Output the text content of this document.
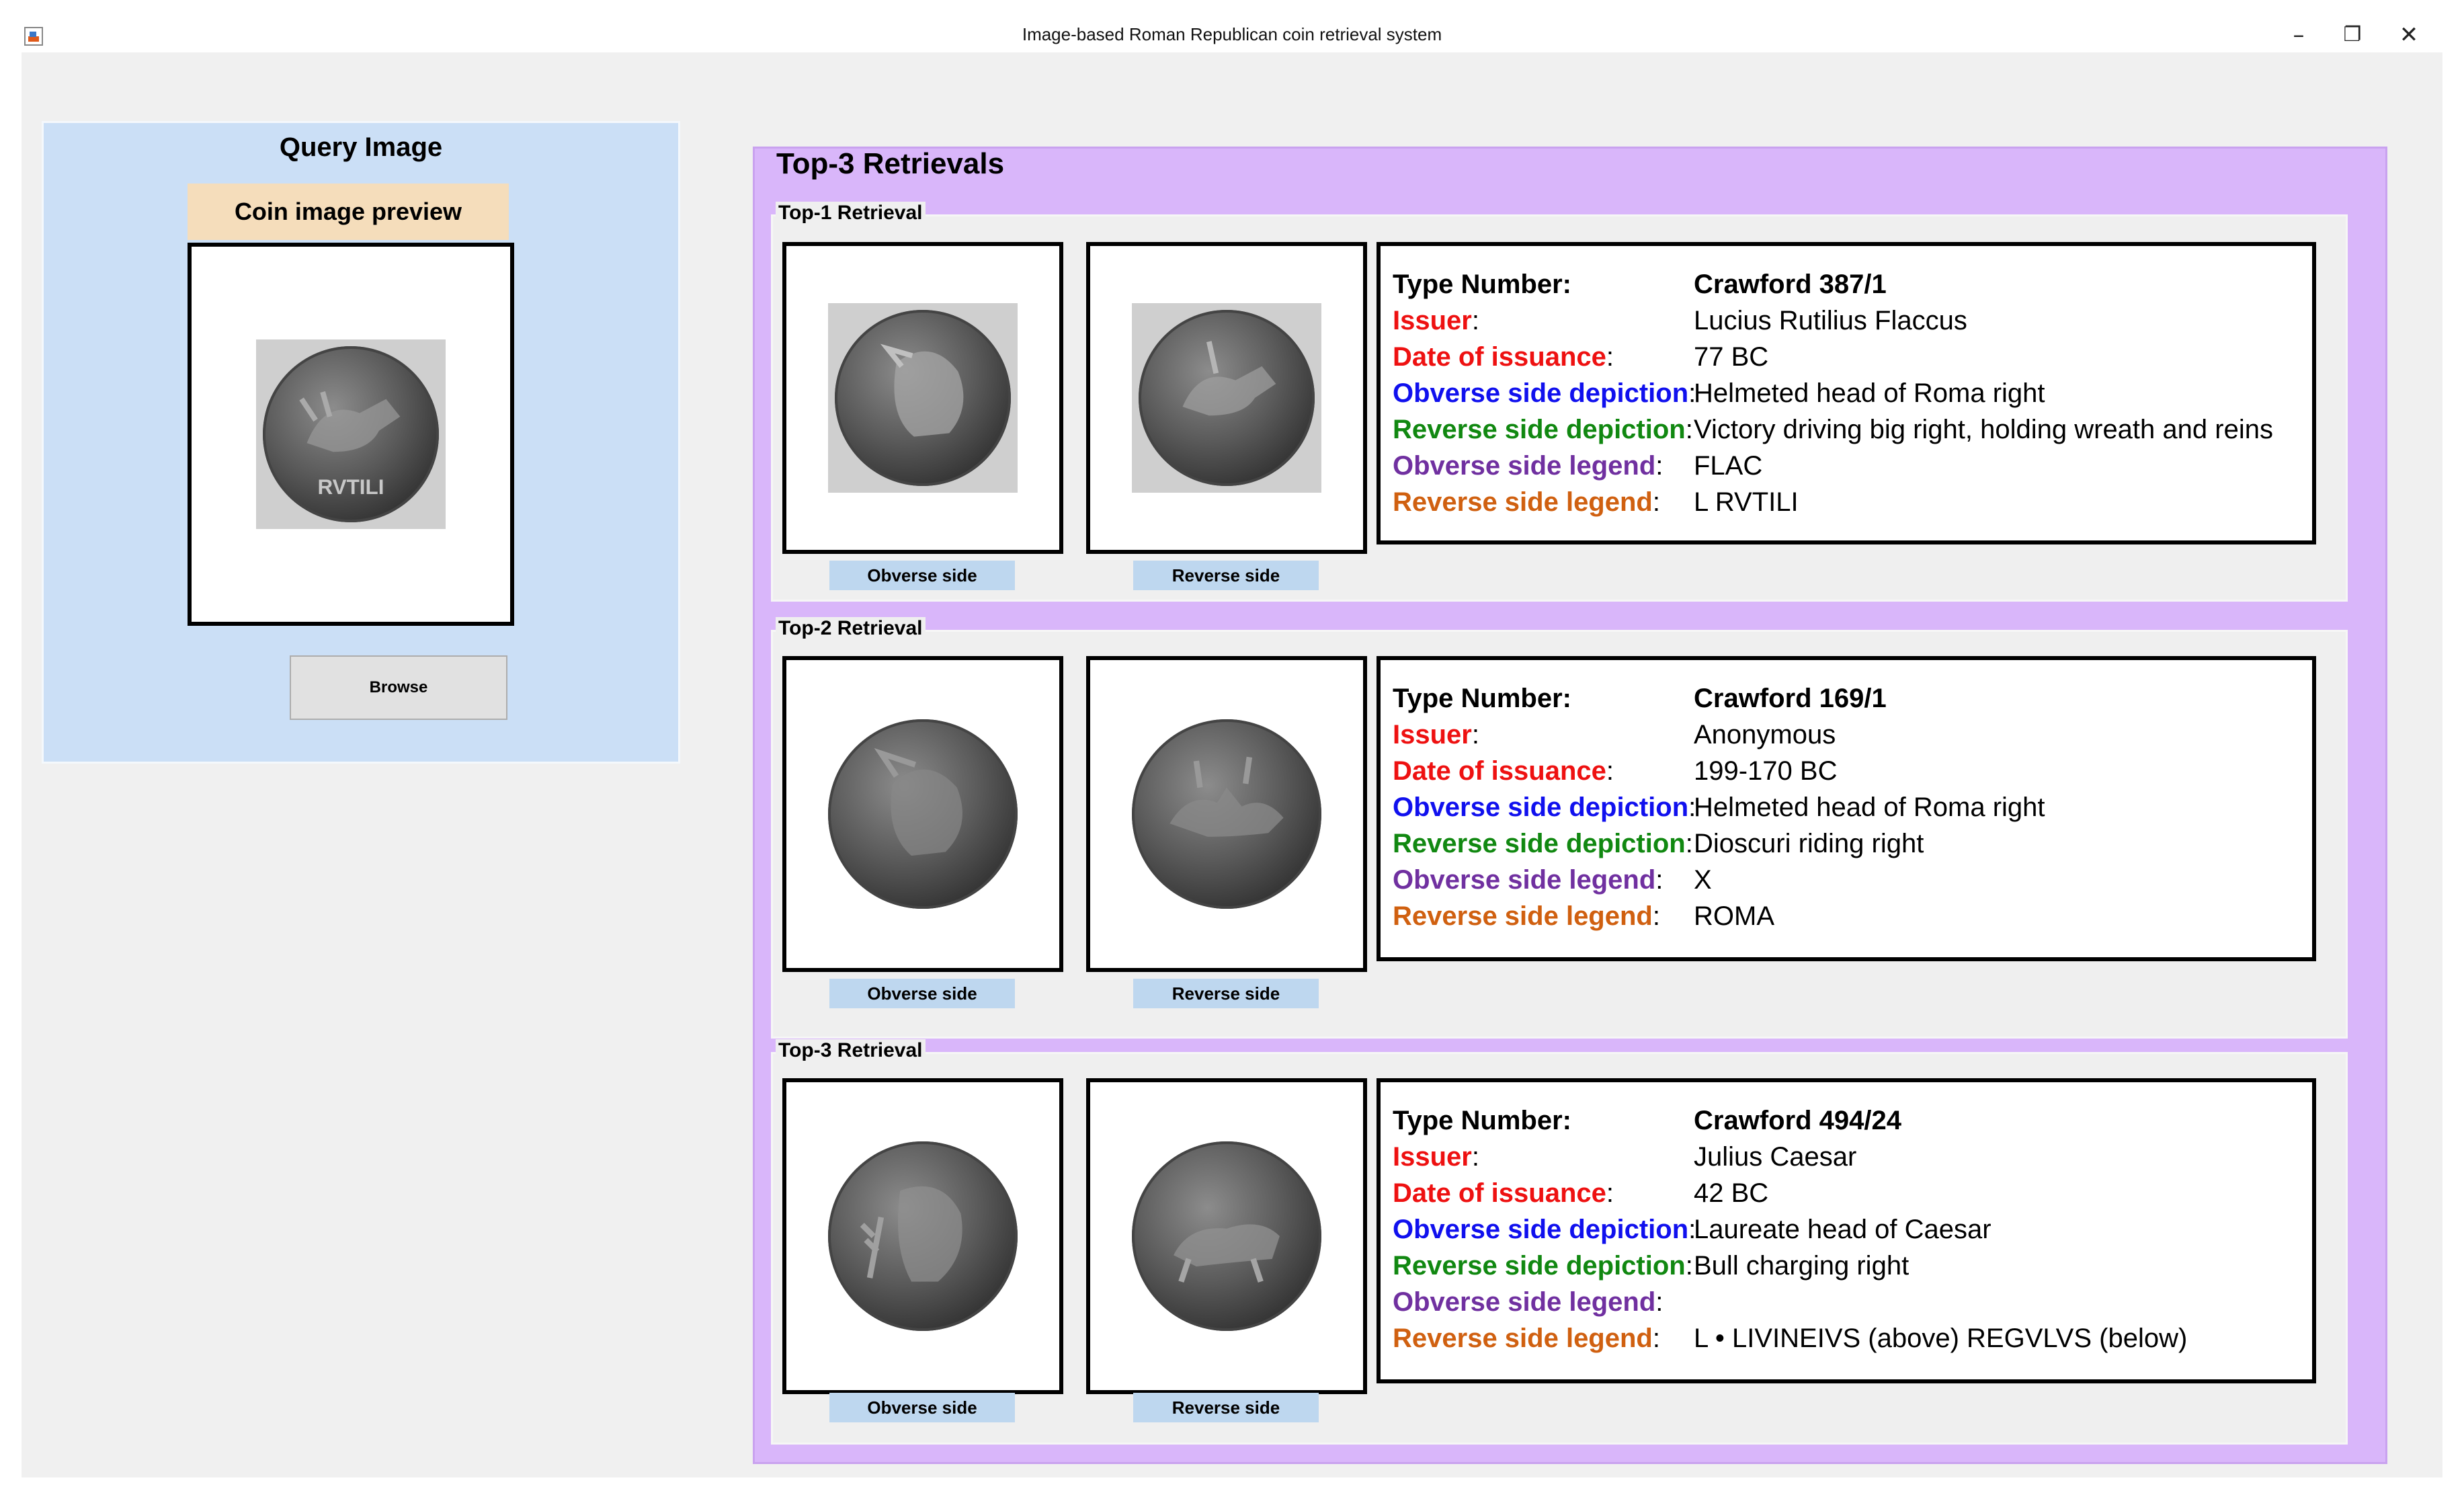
Image-based Roman Republican coin retrieval system	–	❐	✕
Query Image
Coin image preview
RVTILI
Browse
Top-3 Retrievals
Top-1 Retrieval
Obverse side	Reverse side
Type Number:	Crawford 387/1
Issuer:	Lucius Rutilius Flaccus
Date of issuance:	77 BC
Obverse side depiction:
Helmeted head of Roma right
Reverse side depiction: Victory driving big right, holding wreath and reins
Obverse side legend:	FLAC
Reverse side legend:	L RVTILI
Top-2 Retrieval
Obverse side	Reverse side
Type Number:	Crawford 169/1
Issuer:	Anonymous
Date of issuance:	199-170 BC
Obverse side depiction:
Helmeted head of Roma right
Reverse side depiction: Dioscuri riding right
Obverse side legend:	X
Reverse side legend:	ROMA
Top-3 Retrieval
Obverse side	Reverse side
Type Number:	Crawford 494/24
Issuer:	Julius Caesar
Date of issuance:	42 BC
Obverse side depiction:
Laureate head of Caesar
Reverse side depiction: Bull charging right
Obverse side legend:
Reverse side legend:	L • LIVINEIVS (above) REGVLVS (below)
